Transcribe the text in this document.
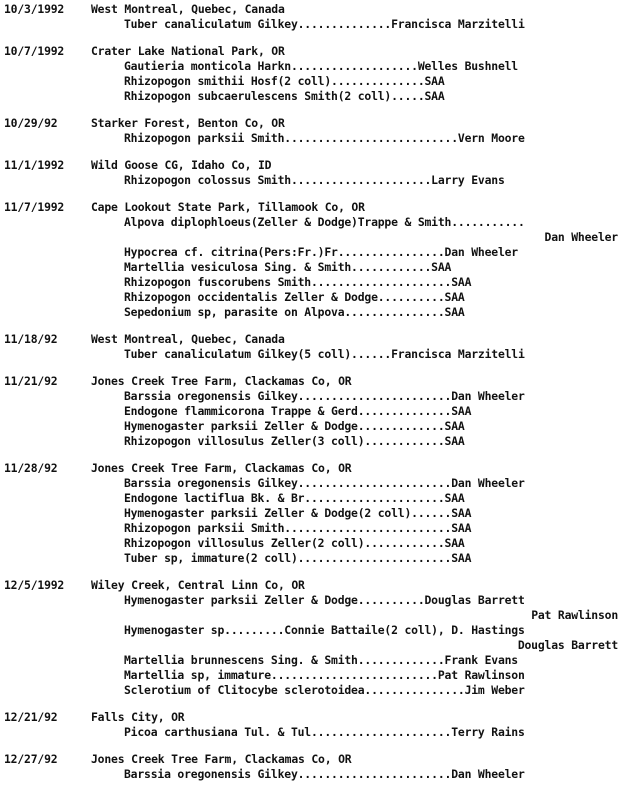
10/3/1992 West Montreal, Quebec, Canada
Tuber canaliculatum Gilkey..............Francisca Marzitelli
10/7/1992 Crater Lake National Park, OR
Gautieria monticola Harkn...................Welles Bushnell
Rhizopogon smithii Hosf(2 coll)..............SAA
Rhizopogon subcaerulescens Smith(2 coll).....SAA
10/29/92	Starker Forest, Benton Co, OR
Rhizopogon parksii Smith..........................Vern Moore
11/1/1992 Wild Goose CG, Idaho Co, ID
Rhizopogon colossus Smith.....................Larry Evans
11/7/1992 Cape Lookout State Park, Tillamook Co, OR
Alpova diplophloeus(Zeller & Dodge)Trappe & Smith...........
Dan Wheeler
Hypocrea cf. citrina(Pers:Fr.)Fr................Dan Wheeler
Martellia vesiculosa Sing. & Smith............SAA
Rhizopogon fuscorubens Smith.....................SAA
Rhizopogon occidentalis Zeller & Dodge..........SAA
Sepedonium sp, parasite on Alpova...............SAA
11/18/92	West Montreal, Quebec, Canada
Tuber canaliculatum Gilkey(5 coll)......Francisca Marzitelli
11/21/92	Jones Creek Tree Farm, Clackamas Co, OR
Barssia oregonensis Gilkey.......................Dan Wheeler
Endogone flammicorona Trappe & Gerd..............SAA
Hymenogaster parksii Zeller & Dodge.............SAA
Rhizopogon villosulus Zeller(3 coll)............SAA
11/28/92	Jones Creek Tree Farm, Clackamas Co, OR
Barssia oregonensis Gilkey.......................Dan Wheeler
Endogone lactiflua Bk. & Br.....................SAA
Hymenogaster parksii Zeller & Dodge(2 coll)......SAA
Rhizopogon parksii Smith.........................SAA
Rhizopogon villosulus Zeller(2 coll)............SAA
Tuber sp, immature(2 coll).......................SAA
12/5/1992 Wiley Creek, Central Linn Co, OR
Hymenogaster parksii Zeller & Dodge..........Douglas Barrett
Pat Rawlinson
Hymenogaster sp.........Connie Battaile(2 coll), D. Hastings
Douglas Barrett
Martellia brunnescens Sing. & Smith.............Frank Evans
Martellia sp, immature.........................Pat Rawlinson
Sclerotium of Clitocybe sclerotoidea...............Jim Weber
12/21/92	Falls City, OR
Picoa carthusiana Tul. & Tul.....................Terry Rains
12/27/92	Jones Creek Tree Farm, Clackamas Co, OR
Barssia oregonensis Gilkey.......................Dan Wheeler
